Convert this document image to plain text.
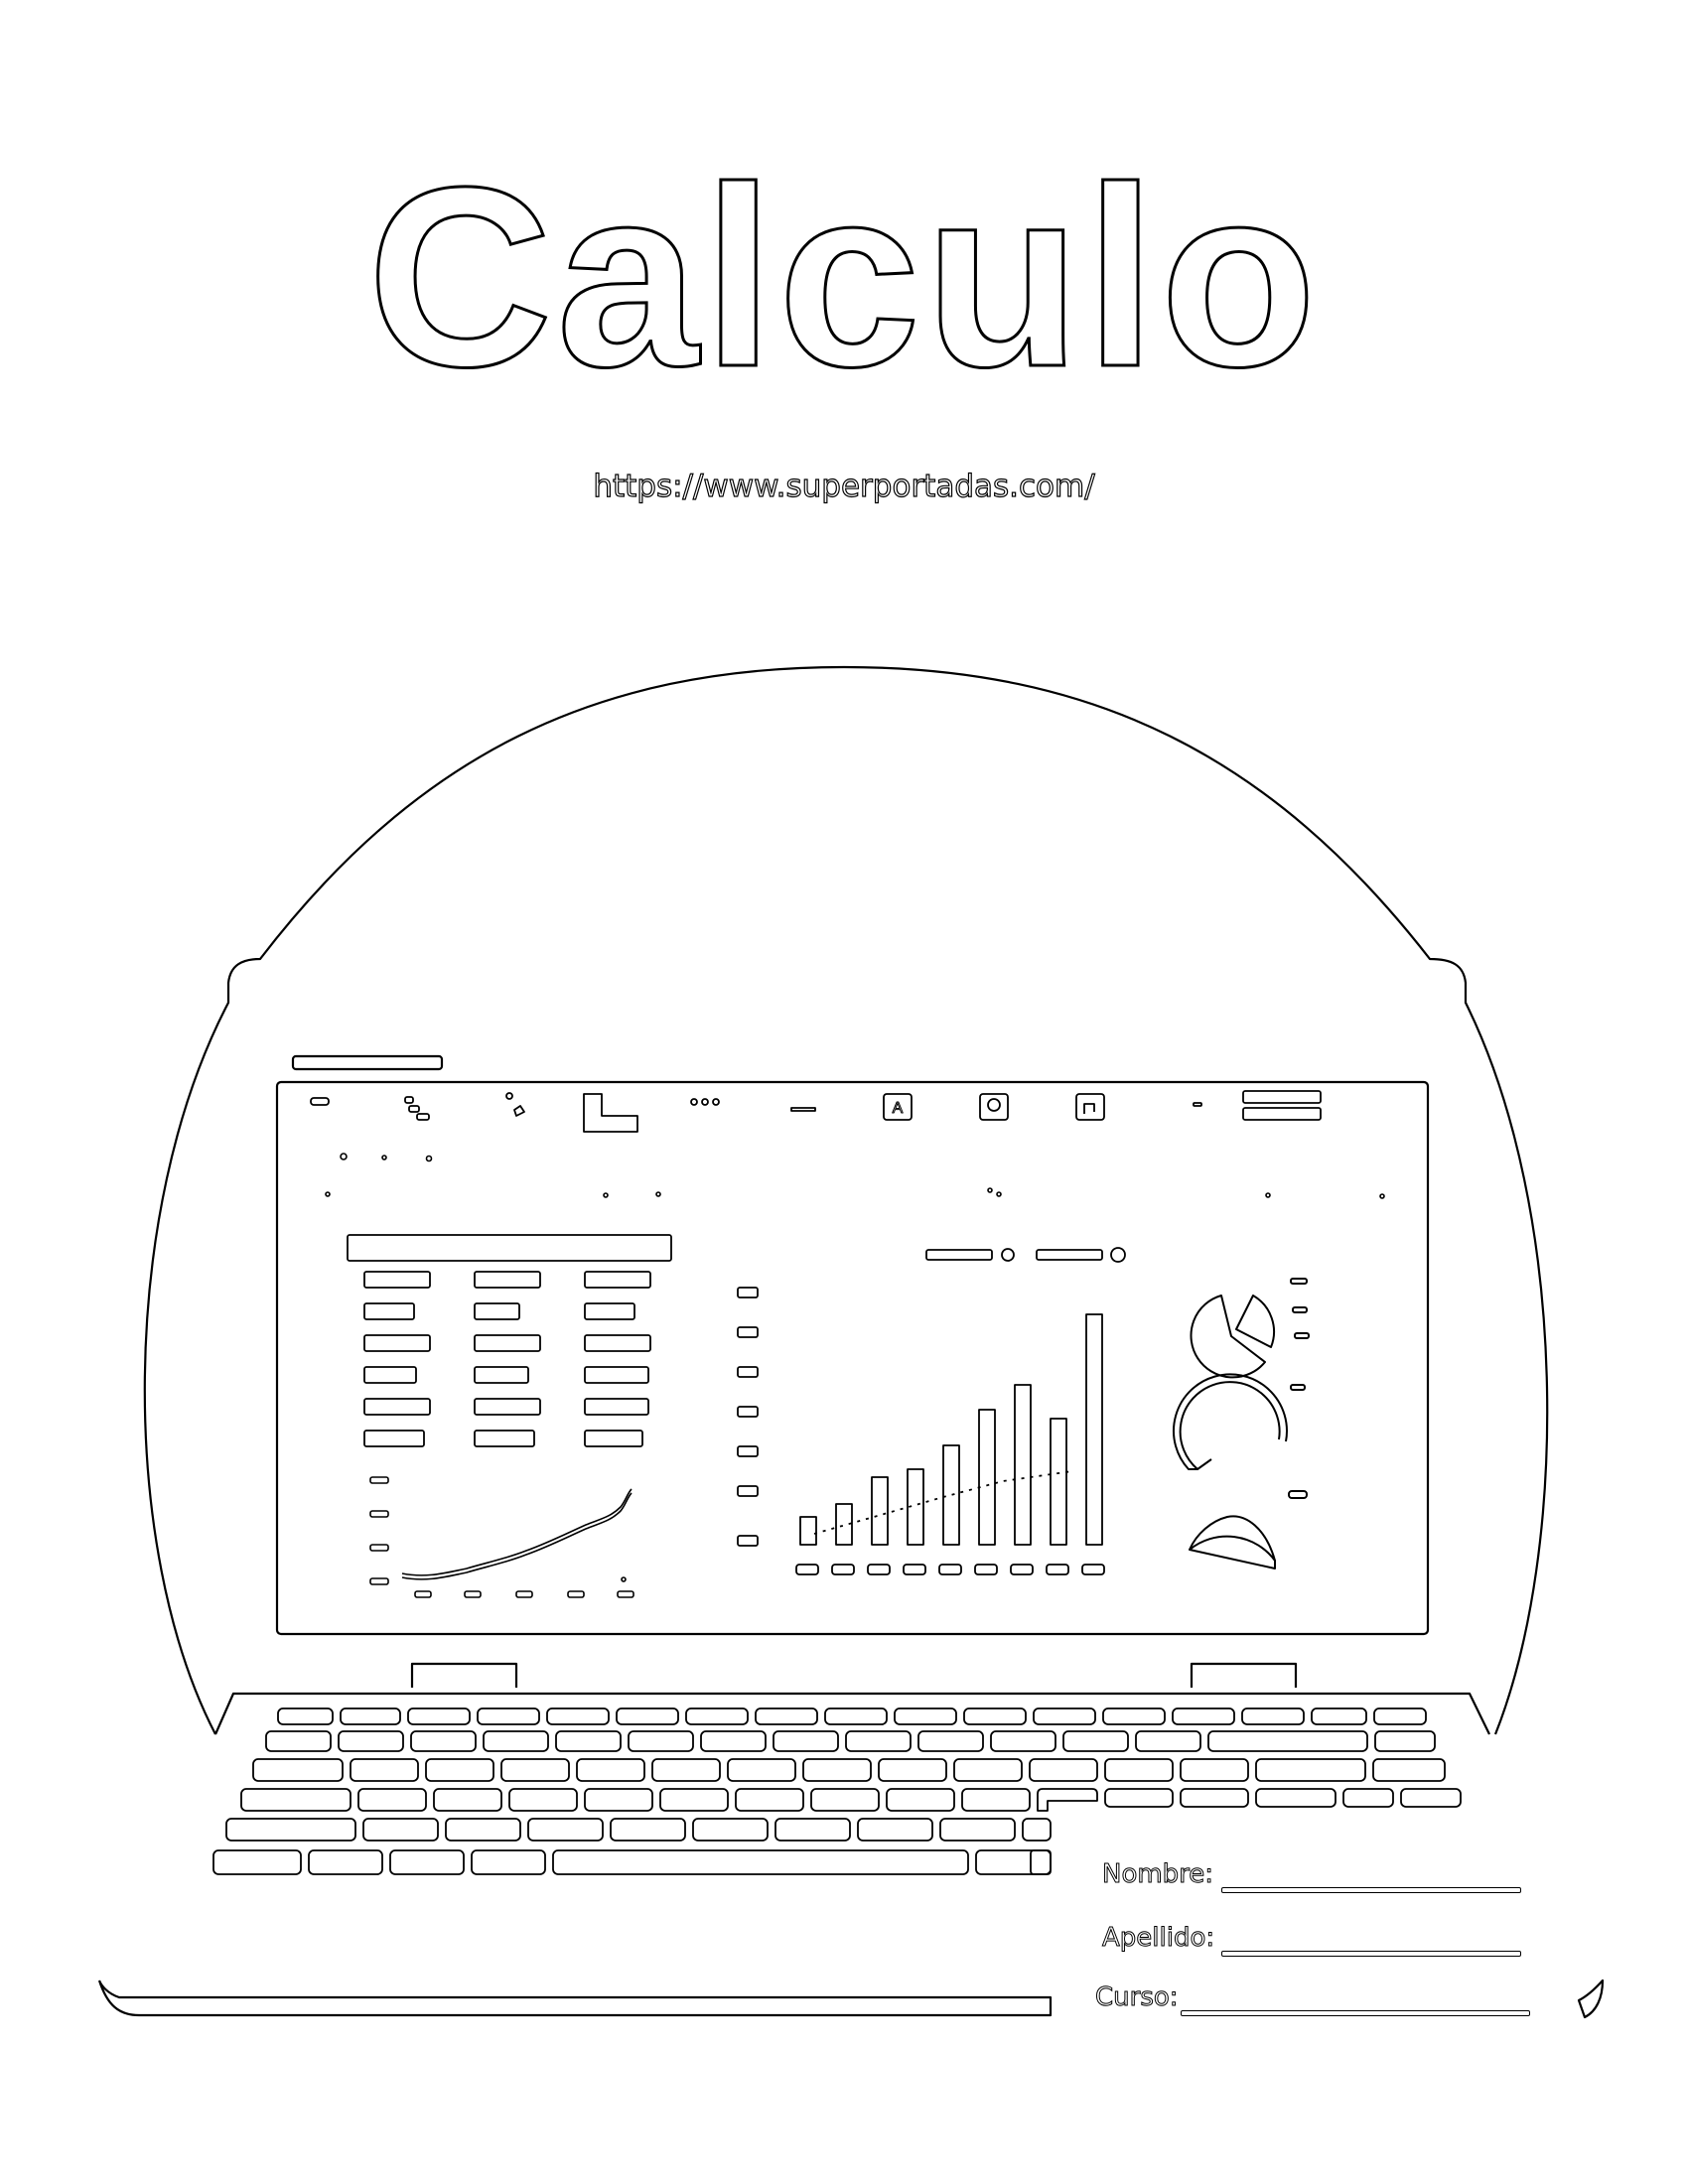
Calculo
https://www.superportadas.com/
A
Nombre:
Apellido:
Curso:
